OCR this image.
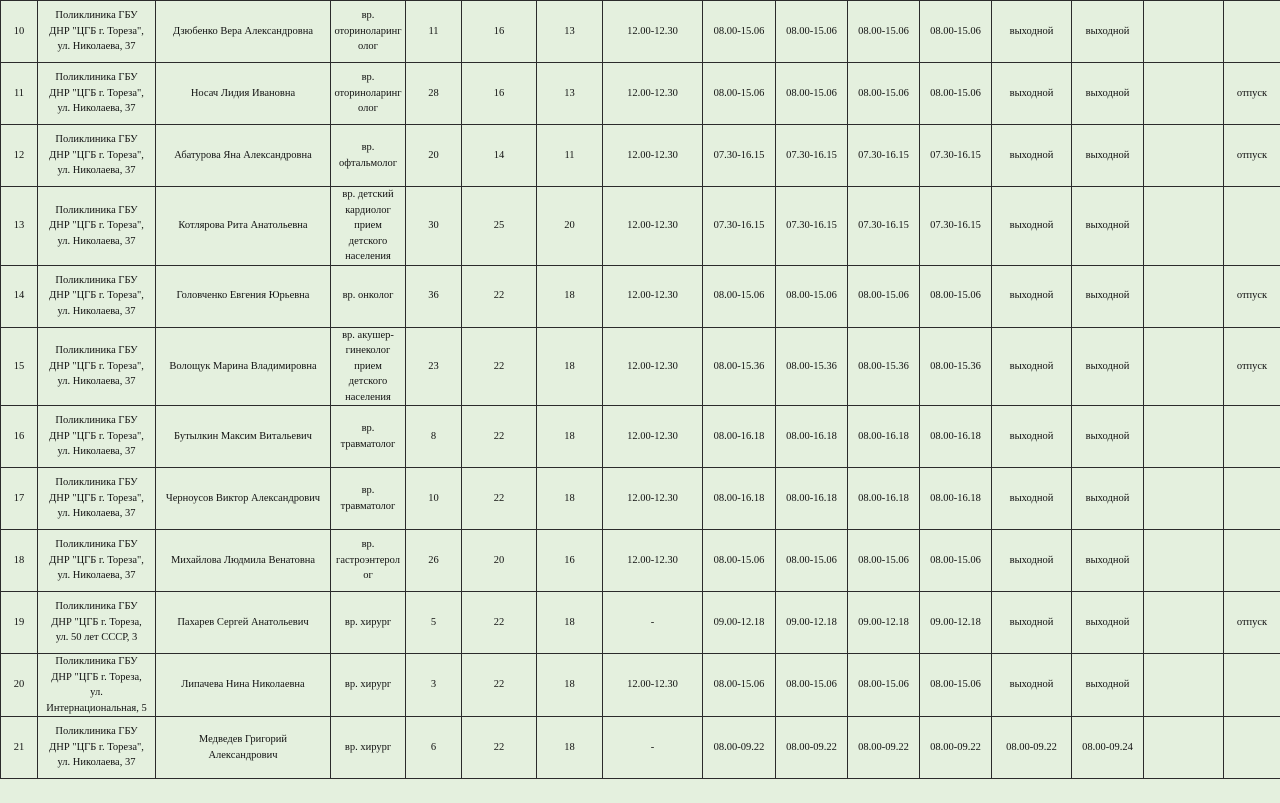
10	Поликлиника ГБУ
ДНР "ЦГБ г. Тореза",
ул. Николаева, 37	Дзюбенко Вера Александровна	вр.
оториноларинг
олог	11	16	13	12.00-12.30	08.00-15.06	08.00-15.06	08.00-15.06	08.00-15.06	выходной	выходной		
11	Поликлиника ГБУ
ДНР "ЦГБ г. Тореза",
ул. Николаева, 37	Носач Лидия Ивановна	вр.
оториноларинг
олог	28	16	13	12.00-12.30	08.00-15.06	08.00-15.06	08.00-15.06	08.00-15.06	выходной	выходной		отпуск
12	Поликлиника ГБУ
ДНР "ЦГБ г. Тореза",
ул. Николаева, 37	Абатурова Яна Александровна	вр.
офтальмолог	20	14	11	12.00-12.30	07.30-16.15	07.30-16.15	07.30-16.15	07.30-16.15	выходной	выходной		отпуск
13	Поликлиника ГБУ
ДНР "ЦГБ г. Тореза",
ул. Николаева, 37	Котлярова Рита Анатольевна	вр. детский
кардиолог
прием
детского
населения	30	25	20	12.00-12.30	07.30-16.15	07.30-16.15	07.30-16.15	07.30-16.15	выходной	выходной		
14	Поликлиника ГБУ
ДНР "ЦГБ г. Тореза",
ул. Николаева, 37	Головченко Евгения Юрьевна	вр. онколог	36	22	18	12.00-12.30	08.00-15.06	08.00-15.06	08.00-15.06	08.00-15.06	выходной	выходной		отпуск
15	Поликлиника ГБУ
ДНР "ЦГБ г. Тореза",
ул. Николаева, 37	Волощук Марина Владимировна	вр. акушер-
гинеколог
прием
детского
населения	23	22	18	12.00-12.30	08.00-15.36	08.00-15.36	08.00-15.36	08.00-15.36	выходной	выходной		отпуск
16	Поликлиника ГБУ
ДНР "ЦГБ г. Тореза",
ул. Николаева, 37	Бутылкин Максим Витальевич	вр.
травматолог	8	22	18	12.00-12.30	08.00-16.18	08.00-16.18	08.00-16.18	08.00-16.18	выходной	выходной		
17	Поликлиника ГБУ
ДНР "ЦГБ г. Тореза",
ул. Николаева, 37	Черноусов Виктор Александрович	вр.
травматолог	10	22	18	12.00-12.30	08.00-16.18	08.00-16.18	08.00-16.18	08.00-16.18	выходной	выходной		
18	Поликлиника ГБУ
ДНР "ЦГБ г. Тореза",
ул. Николаева, 37	Михайлова Людмила Венатовна	вр.
гастроэнтерол
ог	26	20	16	12.00-12.30	08.00-15.06	08.00-15.06	08.00-15.06	08.00-15.06	выходной	выходной		
19	Поликлиника ГБУ
ДНР "ЦГБ г. Тореза,
ул. 50 лет СССР, 3	Пахарев Сергей Анатольевич	вр. хирург	5	22	18	-	09.00-12.18	09.00-12.18	09.00-12.18	09.00-12.18	выходной	выходной		отпуск
20	Поликлиника ГБУ
ДНР "ЦГБ г. Тореза,
ул.
Интернациональная, 5	Липачева Нина Николаевна	вр. хирург	3	22	18	12.00-12.30	08.00-15.06	08.00-15.06	08.00-15.06	08.00-15.06	выходной	выходной		
21	Поликлиника ГБУ
ДНР "ЦГБ г. Тореза",
ул. Николаева, 37	Медведев Григорий
Александрович	вр. хирург	6	22	18	-	08.00-09.22	08.00-09.22	08.00-09.22	08.00-09.22	08.00-09.22	08.00-09.24		
